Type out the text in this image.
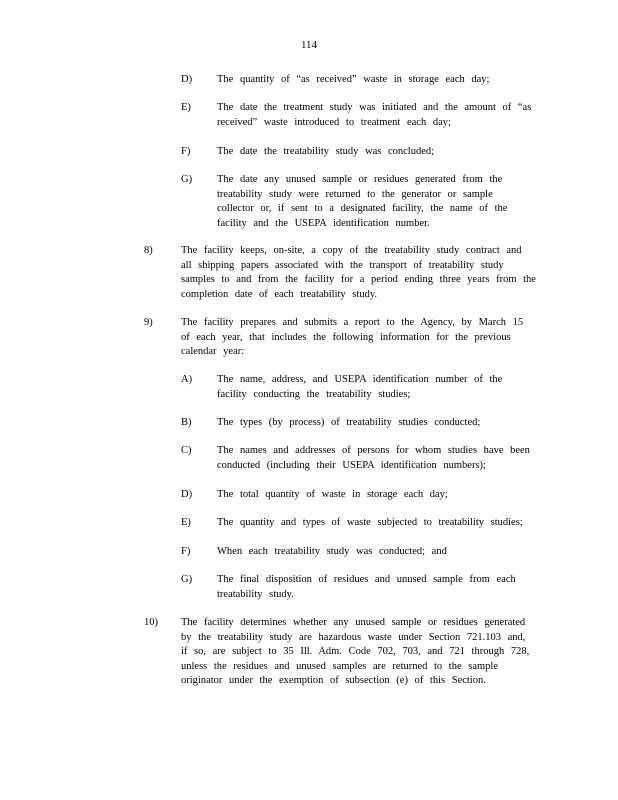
114
D) The quantity of “as received” waste in storage each day;
E) The date the treatment study was initiated and the amount of “as received” waste introduced to treatment each day;
F)	The date the treatability study was concluded;
G) The date any unused sample or residues generated from the treatability study were returned to the generator or sample collector or, if sent to a designated facility, the name of the facility and the USEPA identification number.
8)	The facility keeps, on-site, a copy of the treatability study contract and all shipping papers associated with the transport of treatability study samples to and from the facility for a period ending three years from the completion date of each treatability study.
9)	The facility prepares and submits a report to the Agency, by March 15 of each year, that includes the following information for the previous calendar year:
A) The name, address, and USEPA identification number of the facility conducting the treatability studies;
B) The types (by process) of treatability studies conducted;
C) The names and addresses of persons for whom studies have been conducted (including their USEPA identification numbers);
D) The total quantity of waste in storage each day;
E) The quantity and types of waste subjected to treatability studies;
F)	When each treatability study was conducted; and
G) The final disposition of residues and unused sample from each treatability study.
10) The facility determines whether any unused sample or residues generated by the treatability study are hazardous waste under Section 721.103 and, if so, are subject to 35 Ill. Adm. Code 702, 703, and 721 through 728, unless the residues and unused samples are returned to the sample originator under the exemption of subsection (e) of this Section.
